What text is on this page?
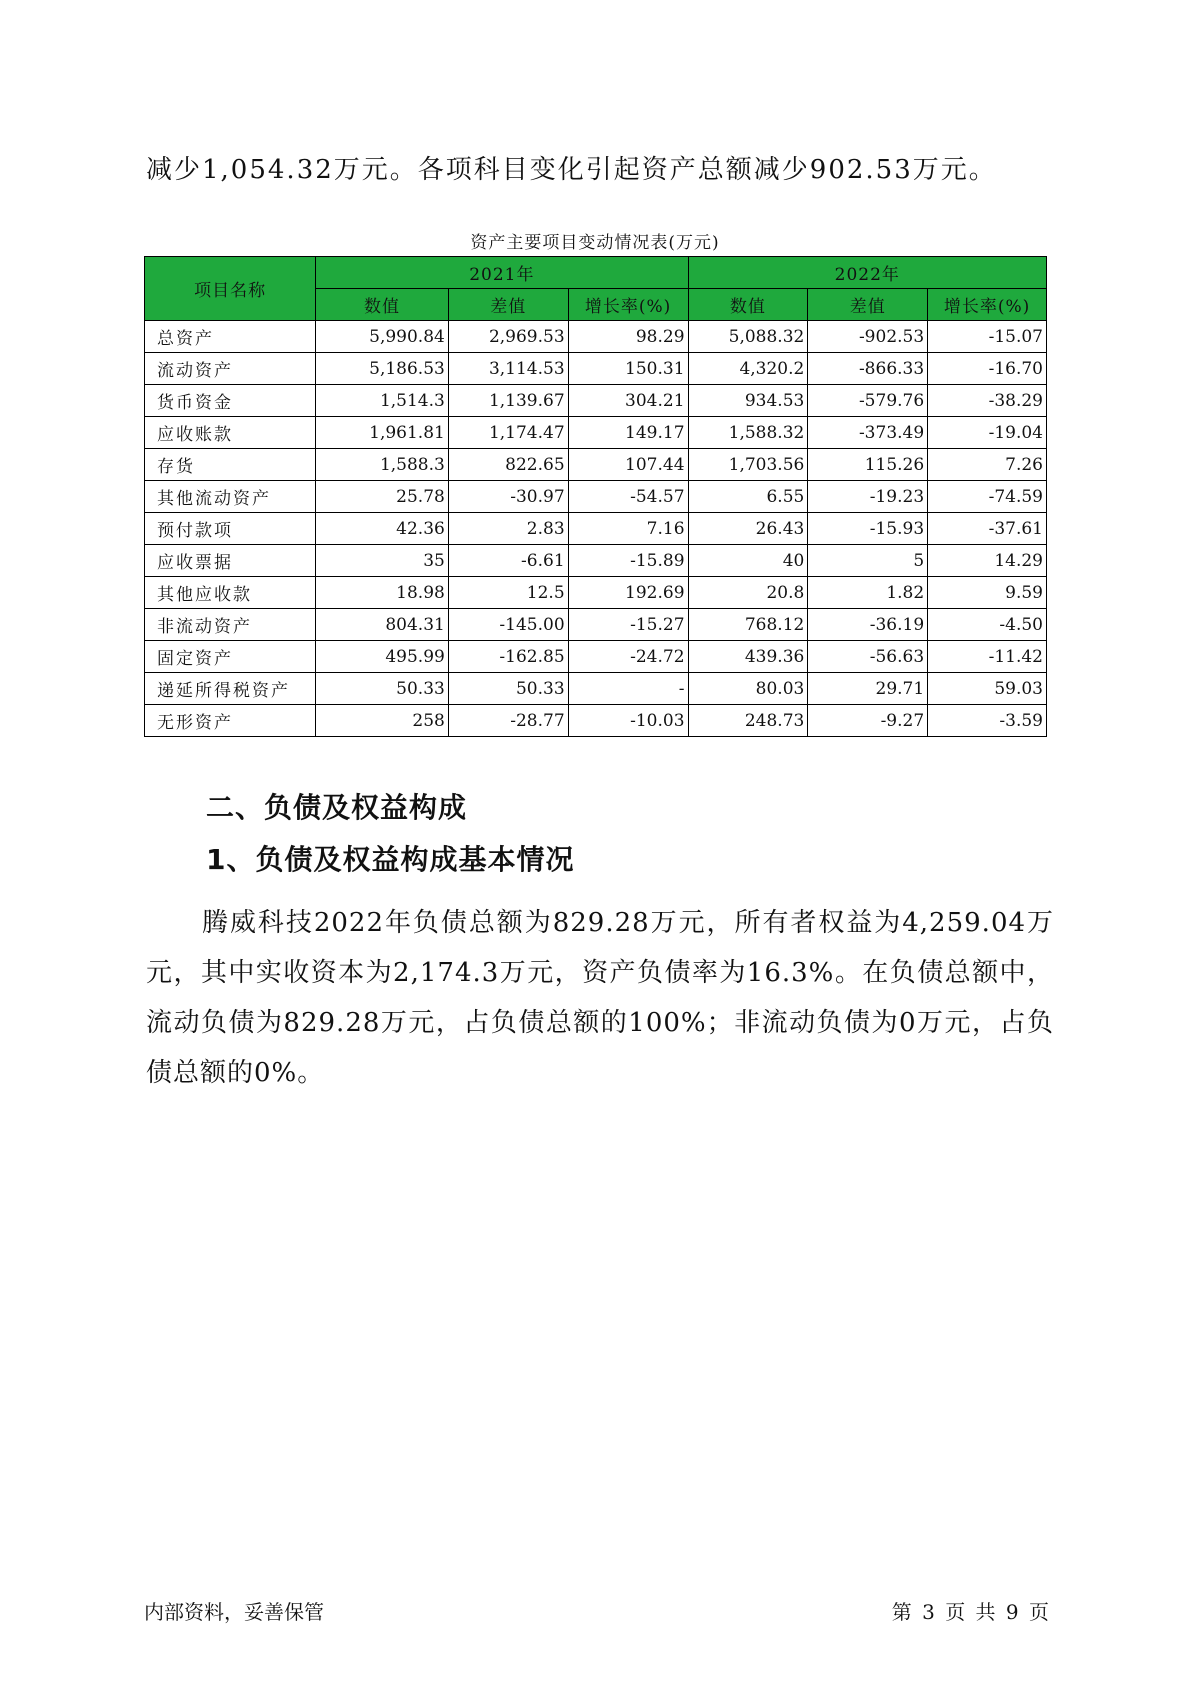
减少1,054.32万元。各项科目变化引起资产总额减少902.53万元。

资产主要项目变动情况表(万元)

项目名称	2021年			2022年		
	数值	差值	增长率(%)	数值	差值	增长率(%)
总资产	5,990.84	2,969.53	98.29	5,088.32	-902.53	-15.07
流动资产	5,186.53	3,114.53	150.31	4,320.2	-866.33	-16.70
货币资金	1,514.3	1,139.67	304.21	934.53	-579.76	-38.29
应收账款	1,961.81	1,174.47	149.17	1,588.32	-373.49	-19.04
存货	1,588.3	822.65	107.44	1,703.56	115.26	7.26
其他流动资产	25.78	-30.97	-54.57	6.55	-19.23	-74.59
预付款项	42.36	2.83	7.16	26.43	-15.93	-37.61
应收票据	35	-6.61	-15.89	40	5	14.29
其他应收款	18.98	12.5	192.69	20.8	1.82	9.59
非流动资产	804.31	-145.00	-15.27	768.12	-36.19	-4.50
固定资产	495.99	-162.85	-24.72	439.36	-56.63	-11.42
递延所得税资产	50.33	50.33	-	80.03	29.71	59.03
无形资产	258	-28.77	-10.03	248.73	-9.27	-3.59
二、负债及权益构成
1、负债及权益构成基本情况

腾威科技2022年负债总额为829.28万元，所有者权益为4,259.04万元，其中实收资本为2,174.3万元，资产负债率为16.3%。在负债总额中，流动负债为829.28万元，占负债总额的100%；非流动负债为0万元，占负债总额的0%。

内部资料，妥善保管	第 3 页 共 9 页
